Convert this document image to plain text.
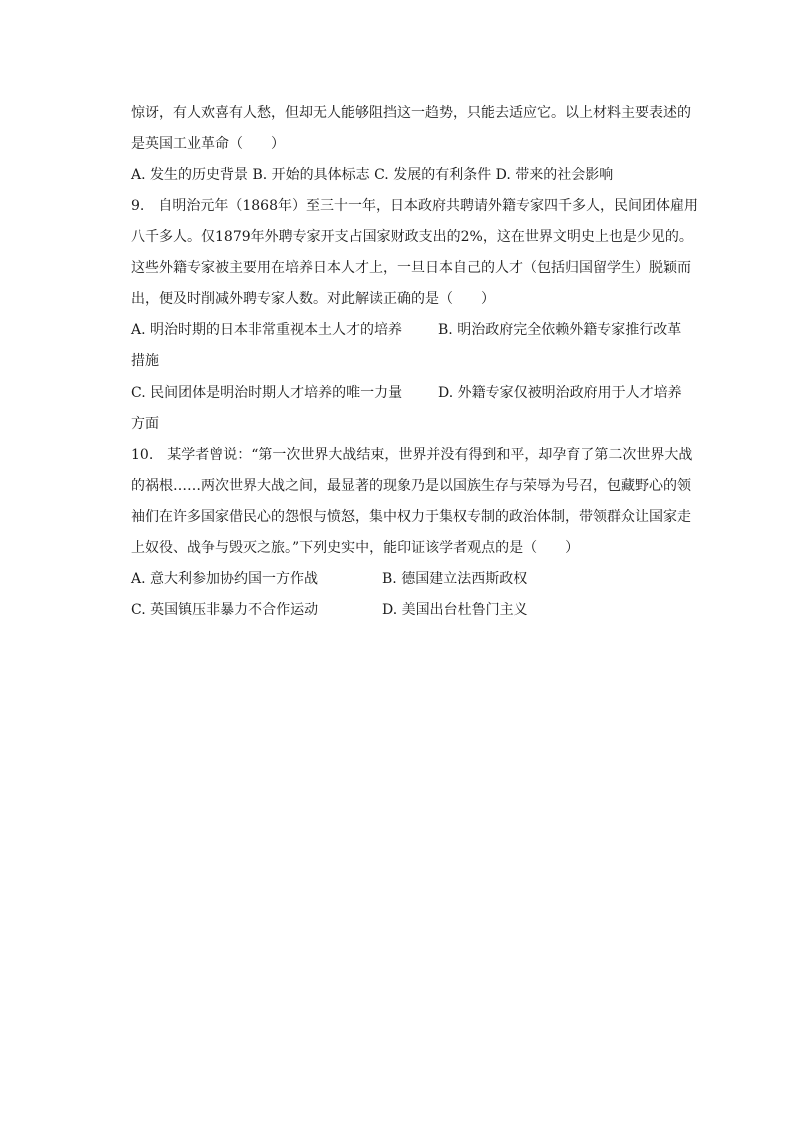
惊讶，有人欢喜有人愁，但却无人能够阻挡这一趋势，只能去适应它。以上材料主要表述的
是英国工业革命（　　）
A. 发生的历史背景 B. 开始的具体标志 C. 发展的有利条件 D. 带来的社会影响
9.　自明治元年（1868年）至三十一年，日本政府共聘请外籍专家四千多人，民间团体雇用
八千多人。仅1879年外聘专家开支占国家财政支出的2%，这在世界文明史上也是少见的。
这些外籍专家被主要用在培养日本人才上，一旦日本自己的人才（包括归国留学生）脱颖而
出，便及时削减外聘专家人数。对此解读正确的是（　　）
A. 明治时期的日本非常重视本土人才的培养	B. 明治政府完全依赖外籍专家推行改革
措施
C. 民间团体是明治时期人才培养的唯一力量	D. 外籍专家仅被明治政府用于人才培养
方面
10.　某学者曾说：“第一次世界大战结束，世界并没有得到和平，却孕育了第二次世界大战
的祸根……两次世界大战之间，最显著的现象乃是以国族生存与荣辱为号召，包藏野心的领
袖们在许多国家借民心的怨恨与愤怒，集中权力于集权专制的政治体制，带领群众让国家走
上奴役、战争与毁灭之旅。”下列史实中，能印证该学者观点的是（　　）
A. 意大利参加协约国一方作战	B. 德国建立法西斯政权
C. 英国镇压非暴力不合作运动	D. 美国出台杜鲁门主义
